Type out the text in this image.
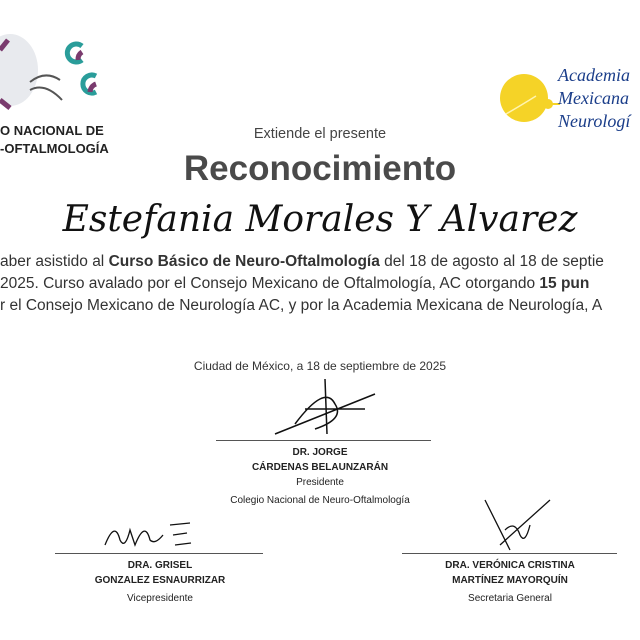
O NACIONAL DE
-OFTALMOLOGÍA
Academia
Mexicana
Neurologí
Extiende el presente
Reconocimiento
Estefania Morales Y Alvarez
aber asistido al Curso Básico de Neuro-Oftalmología del 18 de agosto al 18 de septie
2025. Curso avalado por el Consejo Mexicano de Oftalmología, AC otorgando 15 pun
r el Consejo Mexicano de Neurología AC, y por la Academia Mexicana de Neurología, A
Ciudad de México, a 18 de septiembre de 2025
DR. JORGE
CÁRDENAS BELAUNZARÁN
Presidente
Colegio Nacional de Neuro-Oftalmología
DRA. GRISEL
GONZALEZ ESNAURRIZAR
Vicepresidente
DRA. VERÓNICA CRISTINA
MARTÍNEZ MAYORQUÍN
Secretaria General
